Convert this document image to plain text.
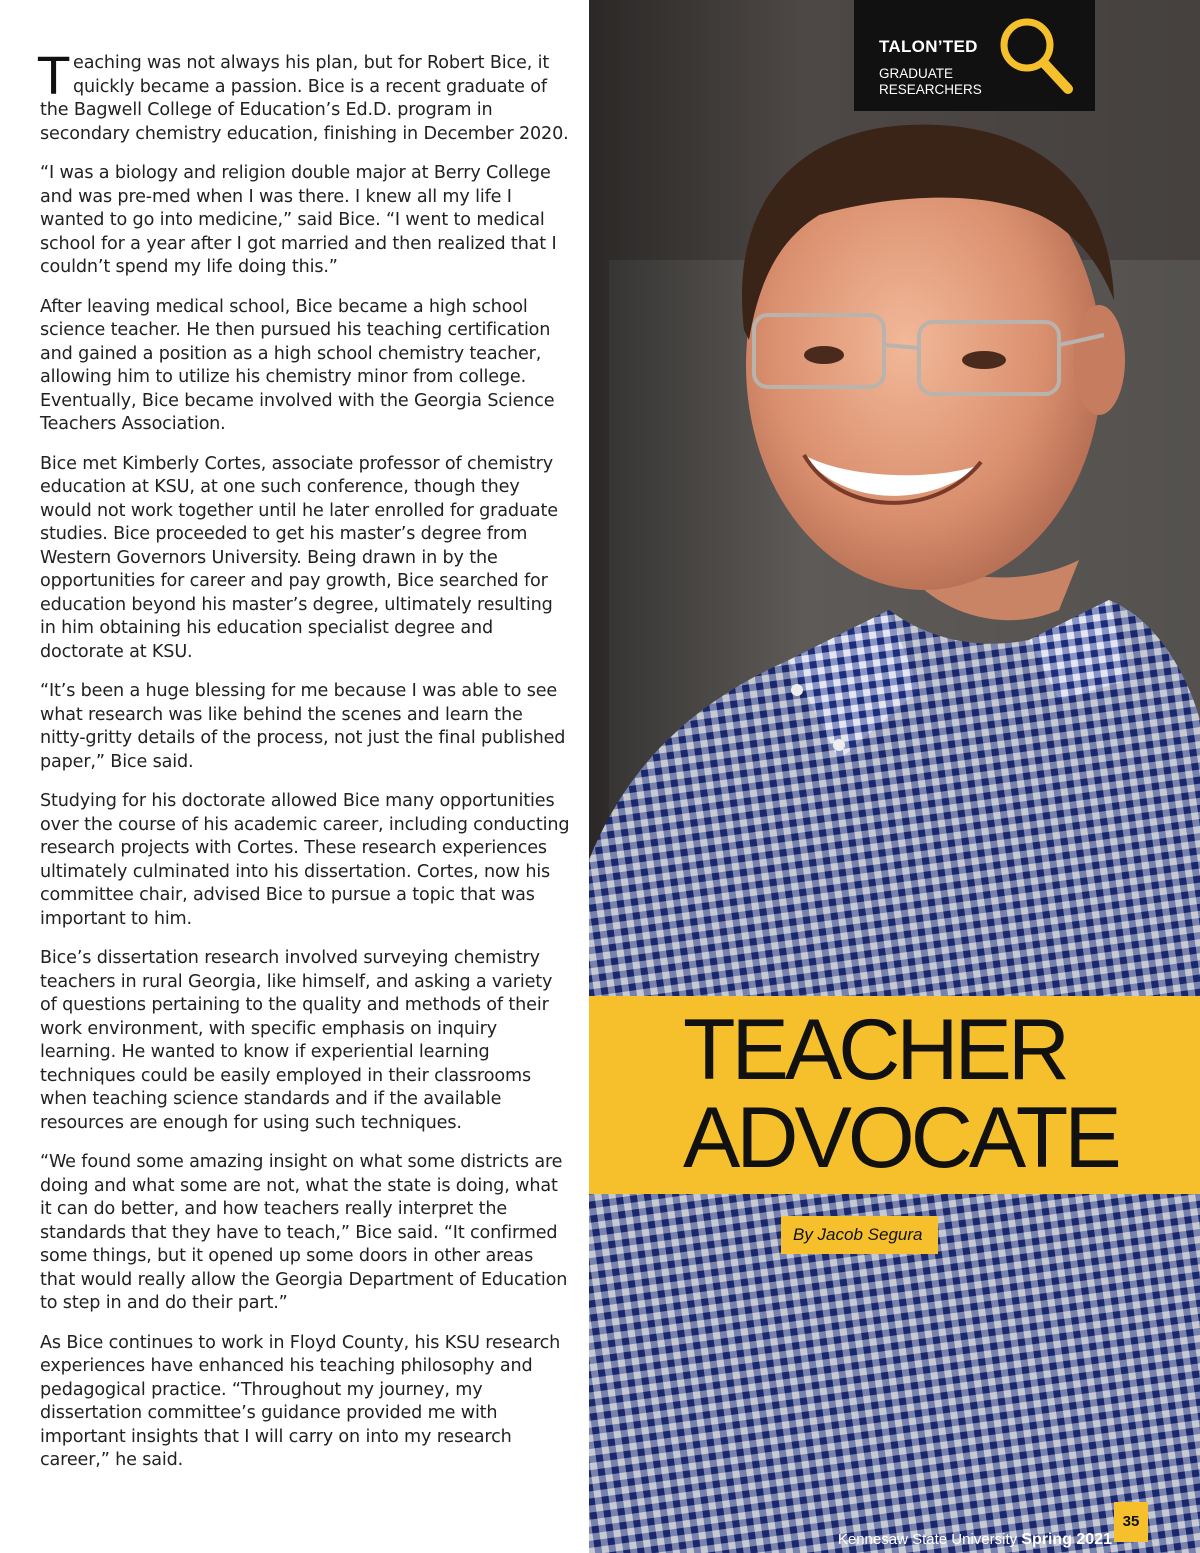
Teaching was not always his plan, but for Robert Bice, it quickly became a passion. Bice is a recent graduate of the Bagwell College of Education’s Ed.D. program in secondary chemistry education, finishing in December 2020.

“I was a biology and religion double major at Berry College and was pre-med when I was there. I knew all my life I wanted to go into medicine,” said Bice. “I went to medical school for a year after I got married and then realized that I couldn’t spend my life doing this.”

After leaving medical school, Bice became a high school science teacher. He then pursued his teaching certification and gained a position as a high school chemistry teacher, allowing him to utilize his chemistry minor from college. Eventually, Bice became involved with the Georgia Science Teachers Association.

Bice met Kimberly Cortes, associate professor of chemistry education at KSU, at one such conference, though they would not work together until he later enrolled for graduate studies. Bice proceeded to get his master’s degree from Western Governors University. Being drawn in by the opportunities for career and pay growth, Bice searched for education beyond his master’s degree, ultimately resulting in him obtaining his education specialist degree and doctorate at KSU.

“It’s been a huge blessing for me because I was able to see what research was like behind the scenes and learn the nitty-gritty details of the process, not just the final published paper,” Bice said.

Studying for his doctorate allowed Bice many opportunities over the course of his academic career, including conducting research projects with Cortes. These research experiences ultimately culminated into his dissertation. Cortes, now his committee chair, advised Bice to pursue a topic that was important to him.

Bice’s dissertation research involved surveying chemistry teachers in rural Georgia, like himself, and asking a variety of questions pertaining to the quality and methods of their work environment, with specific emphasis on inquiry learning. He wanted to know if experiential learning techniques could be easily employed in their classrooms when teaching science standards and if the available resources are enough for using such techniques.

“We found some amazing insight on what some districts are doing and what some are not, what the state is doing, what it can do better, and how teachers really interpret the standards that they have to teach,” Bice said. “It confirmed some things, but it opened up some doors in other areas that would really allow the Georgia Department of Education to step in and do their part.”

As Bice continues to work in Floyd County, his KSU research experiences have enhanced his teaching philosophy and pedagogical practice. “Throughout my journey, my dissertation committee’s guidance provided me with important insights that I will carry on into my research career,” he said.

TALON’TED
GRADUATE RESEARCHERS
TEACHER
ADVOCATE
By Jacob Segura
Kennesaw State University Spring 2021
35
